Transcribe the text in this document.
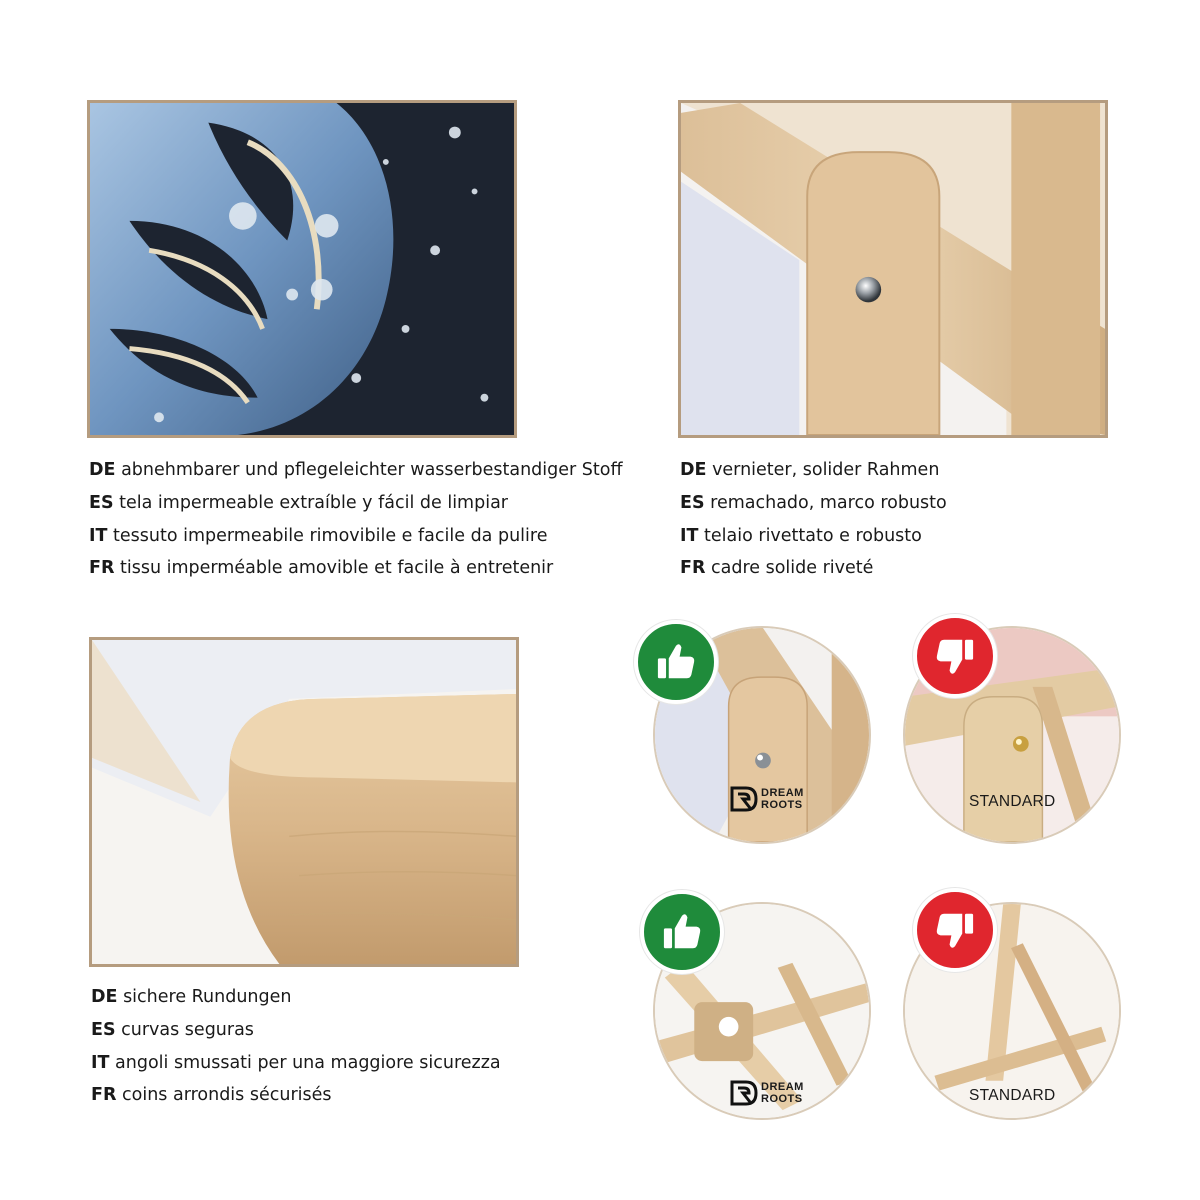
DE abnehmbarer und pflegeleichter wasserbestandiger Stoff
ES tela impermeable extraíble y fácil de limpiar
IT tessuto impermeabile rimovibile e facile da pulire
FR tissu imperméable amovible et facile à entretenir
DE vernieter, solider Rahmen
ES remachado, marco robusto
IT telaio rivettato e robusto
FR cadre solide riveté
DE sichere Rundungen
ES curvas seguras
IT angoli smussati per una maggiore sicurezza
FR coins arrondis sécurisés
DREAM
ROOTS	STANDARD
DREAM
ROOTS	STANDARD
